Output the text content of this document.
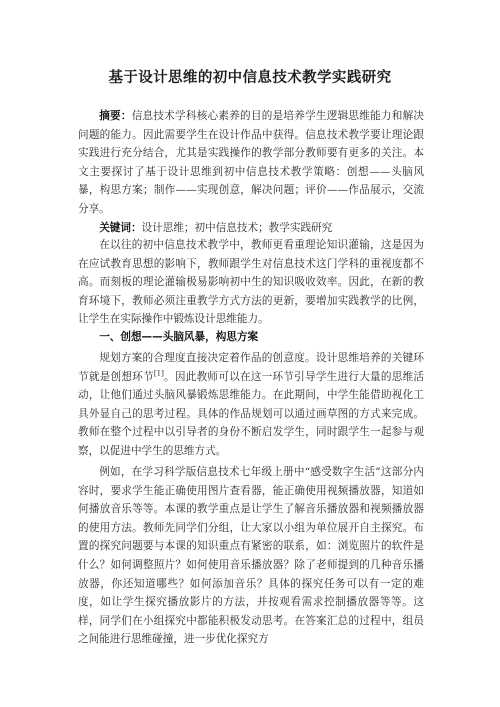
基于设计思维的初中信息技术教学实践研究

摘要：信息技术学科核心素养的目的是培养学生逻辑思维能力和解决问题的能力。因此需要学生在设计作品中获得。信息技术教学要让理论跟实践进行充分结合，尤其是实践操作的教学部分教师要有更多的关注。本文主要探讨了基于设计思维到初中信息技术教学策略：创想——头脑风暴，构思方案；制作——实现创意，解决问题；评价——作品展示，交流分享。

关键词：设计思维；初中信息技术；教学实践研究

在以往的初中信息技术教学中，教师更看重理论知识灌输，这是因为在应试教育思想的影响下，教师跟学生对信息技术这门学科的重视度都不高。而刻板的理论灌输极易影响初中生的知识吸收效率。因此，在新的教育环境下，教师必须注重教学方式方法的更新，要增加实践教学的比例，让学生在实际操作中锻炼设计思维能力。

一、创想——头脑风暴，构思方案

规划方案的合理度直接决定着作品的创意度。设计思维培养的关键环节就是创想环节[1]。因此教师可以在这一环节引导学生进行大量的思维活动，让他们通过头脑风暴锻炼思维能力。在此期间，中学生能借助视化工具外显自己的思考过程。具体的作品规划可以通过画草图的方式来完成。教师在整个过程中以引导者的身份不断启发学生，同时跟学生一起参与观察，以促进中学生的思维方式。

例如，在学习科学版信息技术七年级上册中“感受数字生活”这部分内容时，要求学生能正确使用图片查看器，能正确使用视频播放器，知道如何播放音乐等等。本课的教学重点是让学生了解音乐播放器和视频播放器的使用方法。教师先同学们分组，让大家以小组为单位展开自主探究。布置的探究问题要与本课的知识重点有紧密的联系，如：浏览照片的软件是什么？如何调整照片？如何使用音乐播放器？除了老师提到的几种音乐播放器，你还知道哪些？如何添加音乐？具体的探究任务可以有一定的难度，如让学生探究播放影片的方法，并按观看需求控制播放器等等。这样，同学们在小组探究中都能积极发动思考。在答案汇总的过程中，组员之间能进行思维碰撞，进一步优化探究方
